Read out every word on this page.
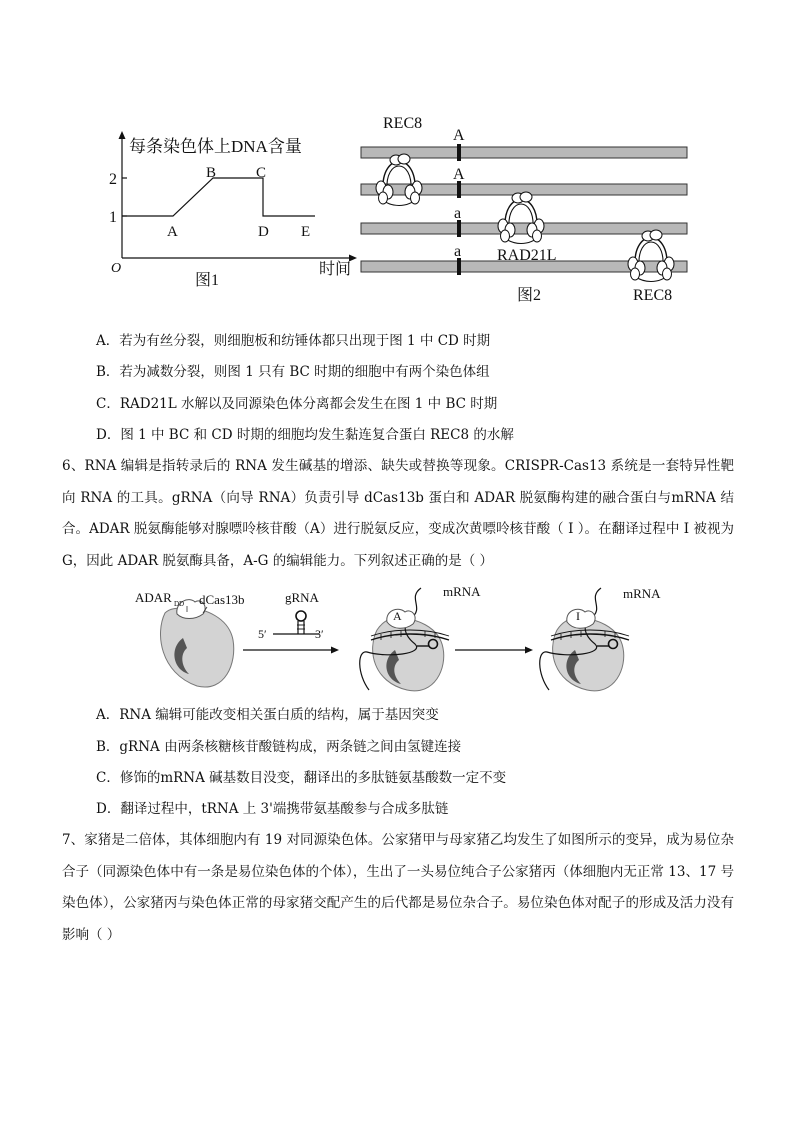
每条染色体上DNA含量
2
1
O
A
B	C
D E
图1
时间
REC8
A
A
a
a RAD21L
REC8
图2
A．若为有丝分裂，则细胞板和纺锤体都只出现于图 1 中 CD 时期
B．若为减数分裂，则图 1 只有 BC 时期的细胞中有两个染色体组
C．RAD21L 水解以及同源染色体分离都会发生在图 1 中 BC 时期
D．图 1 中 BC 和 CD 时期的细胞均发生黏连复合蛋白 REC8 的水解
6、RNA 编辑是指转录后的 RNA 发生碱基的增添、缺失或替换等现象。CRISPR-Cas13 系统是一套特异性靶向 RNA 的工具。gRNA（向导 RNA）负责引导 dCas13b 蛋白和 ADAR 脱氨酶构建的融合蛋白与mRNA 结合。ADAR 脱氨酶能够对腺嘌呤核苷酸（A）进行脱氨反应，变成次黄嘌呤核苷酸（ I ）。在翻译过程中 I 被视为 G，因此 ADAR 脱氨酶具备，A-G 的编辑能力。下列叙述正确的是（ ）
ADAR DD dCas13b	gRNA
5′	3′
A
mRNA
I
mRNA
A．RNA 编辑可能改变相关蛋白质的结构，属于基因突变
B．gRNA 由两条核糖核苷酸链构成，两条链之间由氢键连接
C．修饰的mRNA 碱基数目没变，翻译出的多肽链氨基酸数一定不变
D．翻译过程中，tRNA 上 3'端携带氨基酸参与合成多肽链
7、家猪是二倍体，其体细胞内有 19 对同源染色体。公家猪甲与母家猪乙均发生了如图所示的变异，成为易位杂合子（同源染色体中有一条是易位染色体的个体），生出了一头易位纯合子公家猪丙（体细胞内无正常 13、17 号染色体），公家猪丙与染色体正常的母家猪交配产生的后代都是易位杂合子。易位染色体对配子的形成及活力没有影响（ ）
